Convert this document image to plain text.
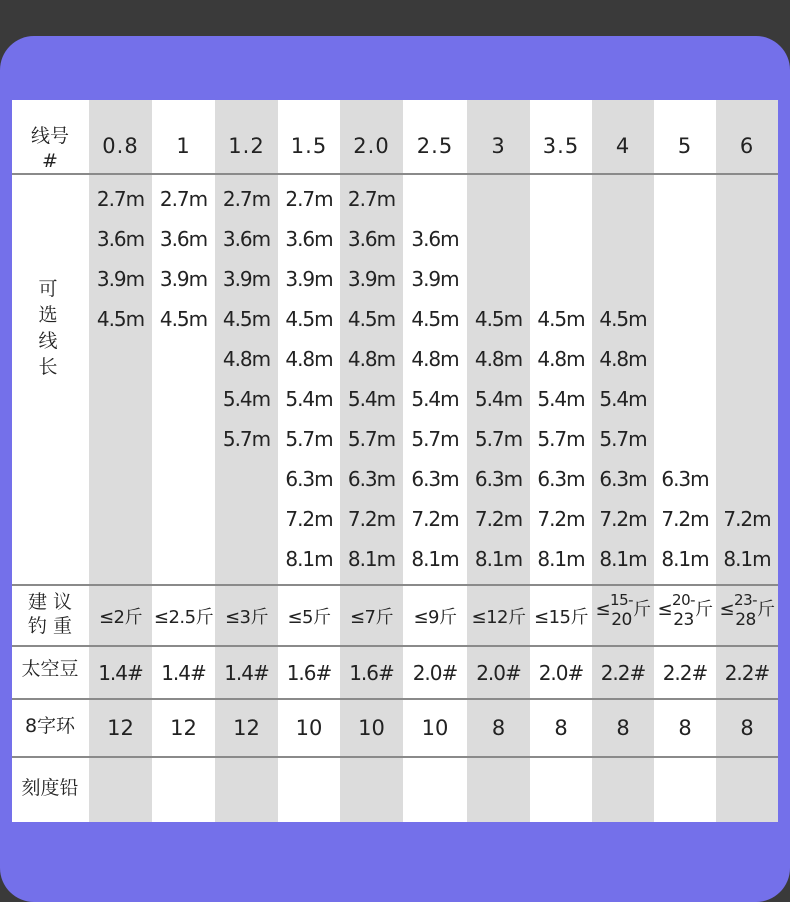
线号
#
可
选
线
长
建 议
钓 重
太空豆
8字环
刻度铅
0.8
2.7m
3.6m
3.9m
4.5m
≤2斤
1.4#
12
1
2.7m
3.6m
3.9m
4.5m
≤2.5斤
1.4#
12
1.2
2.7m
3.6m
3.9m
4.5m
4.8m
5.4m
5.7m
≤3斤
1.4#
12
1.5
2.7m
3.6m
3.9m
4.5m
4.8m
5.4m
5.7m
6.3m
7.2m
8.1m
≤5斤
1.6#
10
2.0
2.7m
3.6m
3.9m
4.5m
4.8m
5.4m
5.7m
6.3m
7.2m
8.1m
≤7斤
1.6#
10
2.5
3.6m
3.9m
4.5m
4.8m
5.4m
5.7m
6.3m
7.2m
8.1m
≤9斤
2.0#
10
3
4.5m
4.8m
5.4m
5.7m
6.3m
7.2m
8.1m
≤12斤
2.0#
8
3.5
4.5m
4.8m
5.4m
5.7m
6.3m
7.2m
8.1m
≤15斤
2.0#
8
4
4.5m
4.8m
5.4m
5.7m
6.3m
7.2m
8.1m
≤ 15-
20 斤
2.2#
8
5
6.3m
7.2m
8.1m
≤ 20-
23 斤
2.2#
8
6
7.2m
8.1m
≤ 23-
28 斤
2.2#
8
